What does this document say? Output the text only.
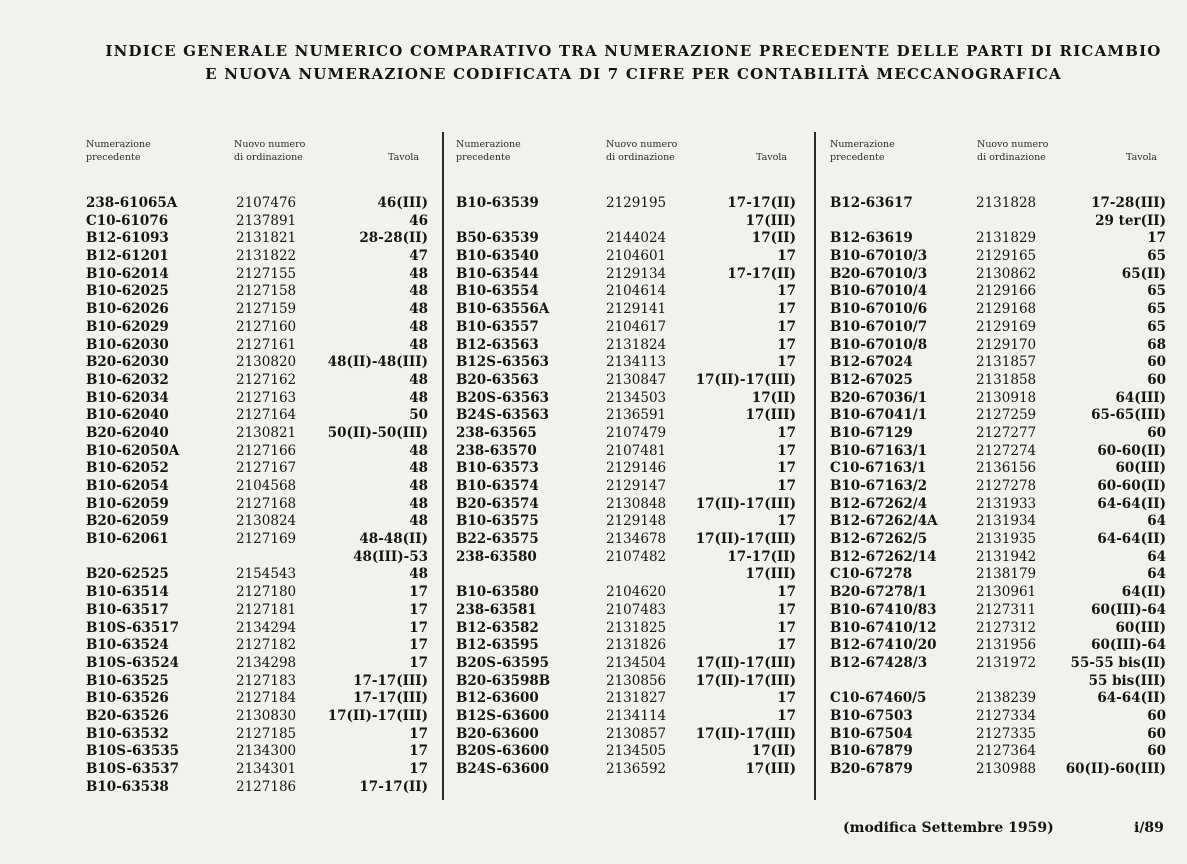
INDICE GENERALE NUMERICO COMPARATIVO TRA NUMERAZIONE PRECEDENTE DELLE PARTI DI RICAMBIO
E NUOVA NUMERAZIONE CODIFICATA DI 7 CIFRE PER CONTABILITÀ MECCANOGRAFICA
Numerazione
precedente
Nuovo numero
di ordinazione	Tavola
Numerazione
precedente
Nuovo numero
di ordinazione	Tavola
Numerazione
precedente
Nuovo numero
di ordinazione	Tavola
238-61065A	2107476	46(III)
C10-61076	2137891	46
B12-61093	2131821	28-28(II)
B12-61201	2131822	47
B10-62014	2127155	48
B10-62025	2127158	48
B10-62026	2127159	48
B10-62029	2127160	48
B10-62030	2127161	48
B20-62030	2130820	48(II)-48(III)
B10-62032	2127162	48
B10-62034	2127163	48
B10-62040	2127164	50
B20-62040	2130821	50(II)-50(III)
B10-62050A	2127166	48
B10-62052	2127167	48
B10-62054	2104568	48
B10-62059	2127168	48
B20-62059	2130824	48
B10-62061	2127169	48-48(II)
48(III)-53
B20-62525	2154543	48
B10-63514	2127180	17
B10-63517	2127181	17
B10S-63517	2134294	17
B10-63524	2127182	17
B10S-63524	2134298	17
B10-63525	2127183	17-17(III)
B10-63526	2127184	17-17(III)
B20-63526	2130830	17(II)-17(III)
B10-63532	2127185	17
B10S-63535	2134300	17
B10S-63537	2134301	17
B10-63538	2127186	17-17(II)
B10-63539	2129195	17-17(II)
17(III)
B50-63539	2144024	17(II)
B10-63540	2104601	17
B10-63544	2129134	17-17(II)
B10-63554	2104614	17
B10-63556A	2129141	17
B10-63557	2104617	17
B12-63563	2131824	17
B12S-63563	2134113	17
B20-63563	2130847	17(II)-17(III)
B20S-63563	2134503	17(II)
B24S-63563	2136591	17(III)
238-63565	2107479	17
238-63570	2107481	17
B10-63573	2129146	17
B10-63574	2129147	17
B20-63574	2130848	17(II)-17(III)
B10-63575	2129148	17
B22-63575	2134678	17(II)-17(III)
238-63580	2107482	17-17(II)
17(III)
B10-63580	2104620	17
238-63581	2107483	17
B12-63582	2131825	17
B12-63595	2131826	17
B20S-63595	2134504	17(II)-17(III)
B20-63598B	2130856	17(II)-17(III)
B12-63600	2131827	17
B12S-63600	2134114	17
B20-63600	2130857	17(II)-17(III)
B20S-63600	2134505	17(II)
B24S-63600	2136592	17(III)
B12-63617	2131828	17-28(III)
29 ter(II)
B12-63619	2131829	17
B10-67010/3	2129165	65
B20-67010/3	2130862	65(II)
B10-67010/4	2129166	65
B10-67010/6	2129168	65
B10-67010/7	2129169	65
B10-67010/8	2129170	68
B12-67024	2131857	60
B12-67025	2131858	60
B20-67036/1	2130918	64(III)
B10-67041/1	2127259	65-65(III)
B10-67129	2127277	60
B10-67163/1	2127274	60-60(II)
C10-67163/1	2136156	60(III)
B10-67163/2	2127278	60-60(II)
B12-67262/4	2131933	64-64(II)
B12-67262/4A	2131934	64
B12-67262/5	2131935	64-64(II)
B12-67262/14	2131942	64
C10-67278	2138179	64
B20-67278/1	2130961	64(II)
B10-67410/83	2127311	60(III)-64
B10-67410/12	2127312	60(III)
B12-67410/20	2131956	60(III)-64
B12-67428/3	2131972	55-55 bis(II)
55 bis(III)
C10-67460/5	2138239	64-64(II)
B10-67503	2127334	60
B10-67504	2127335	60
B10-67879	2127364	60
B20-67879	2130988	60(II)-60(III)
(modifica Settembre 1959)	i/89
